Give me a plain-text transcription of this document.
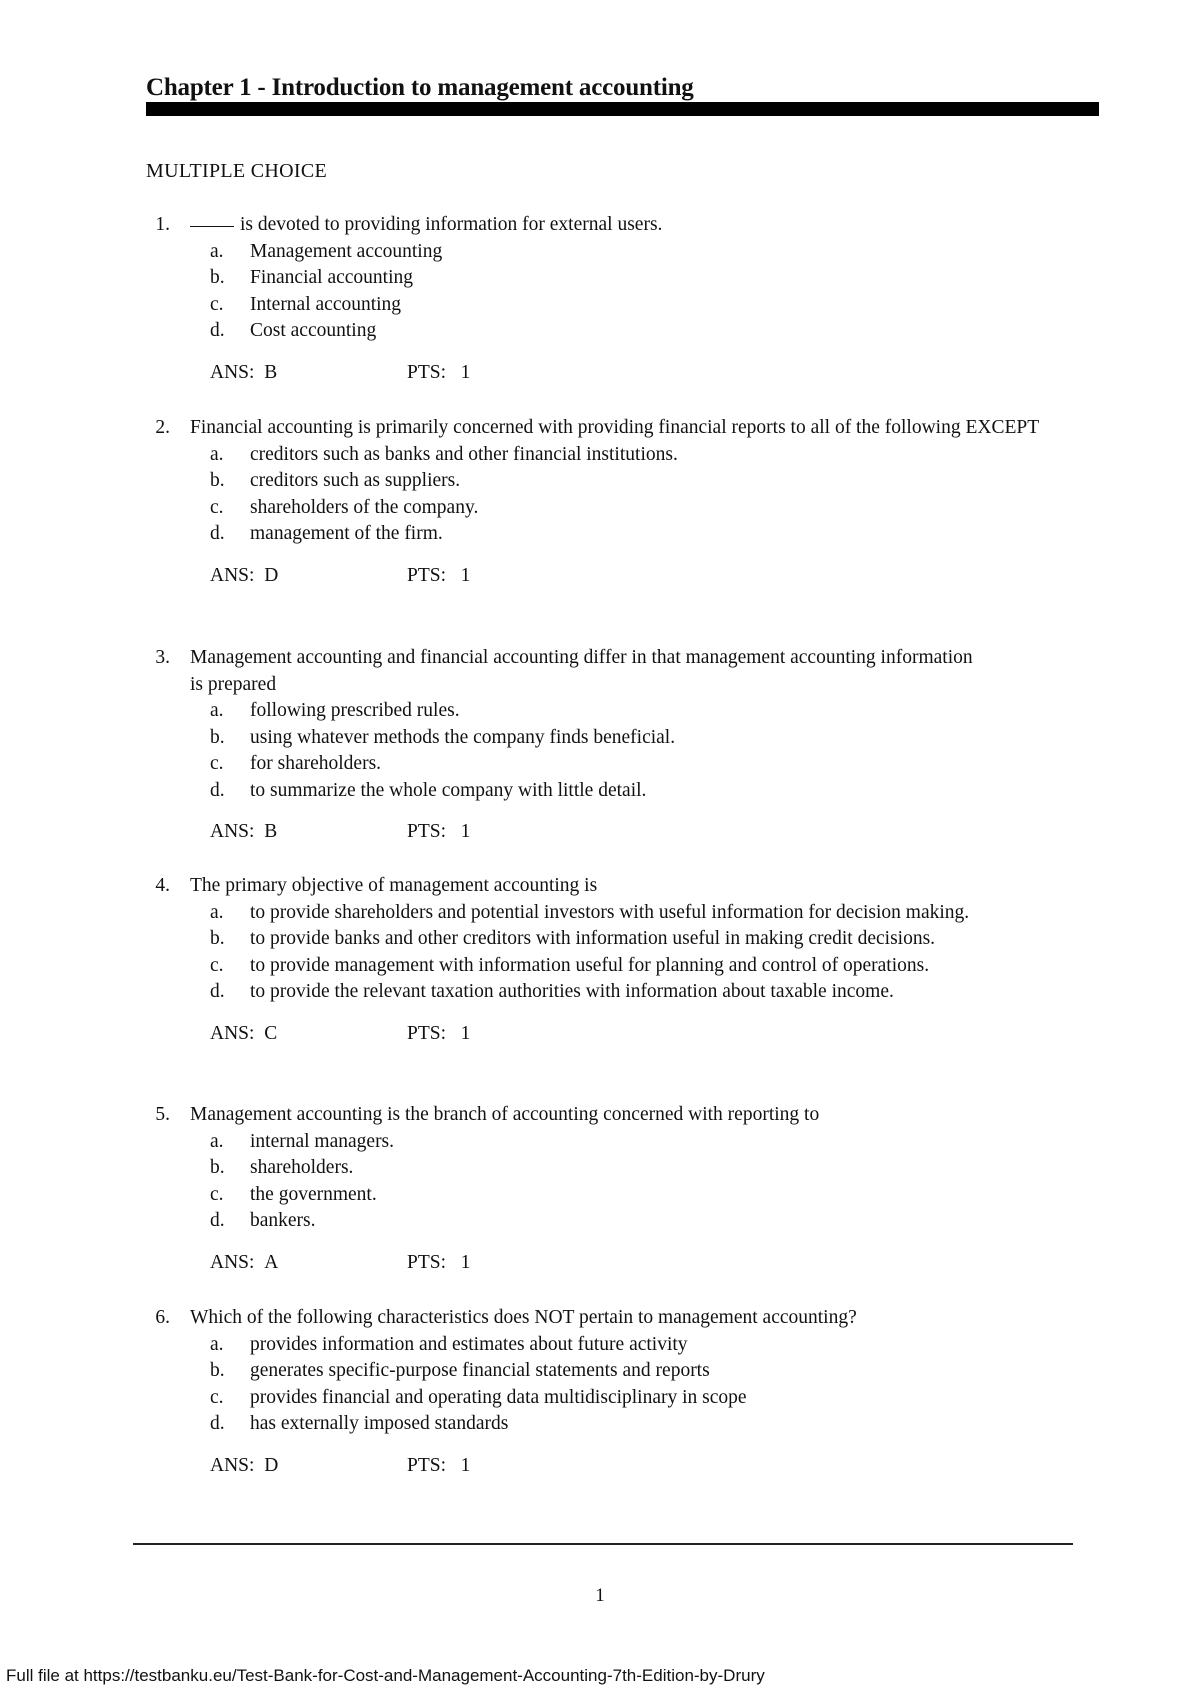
Chapter 1 - Introduction to management accounting
MULTIPLE CHOICE
1.	is devoted to providing information for external users.
a.	Management accounting
b.	Financial accounting
c.	Internal accounting
d.	Cost accounting
ANS: B	PTS: 1
2.	Financial accounting is primarily concerned with providing financial reports to all of the following EXCEPT
a.	creditors such as banks and other financial institutions.
b.	creditors such as suppliers.
c.	shareholders of the company.
d.	management of the firm.
ANS: D	PTS: 1
3.	Management accounting and financial accounting differ in that management accounting information is prepared
a.	following prescribed rules.
b.	using whatever methods the company finds beneficial.
c.	for shareholders.
d.	to summarize the whole company with little detail.
ANS: B	PTS: 1
4.	The primary objective of management accounting is
a.	to provide shareholders and potential investors with useful information for decision making.
b.	to provide banks and other creditors with information useful in making credit decisions.
c.	to provide management with information useful for planning and control of operations.
d.	to provide the relevant taxation authorities with information about taxable income.
ANS: C	PTS: 1
5.	Management accounting is the branch of accounting concerned with reporting to
a.	internal managers.
b.	shareholders.
c.	the government.
d.	bankers.
ANS: A	PTS: 1
6.	Which of the following characteristics does NOT pertain to management accounting?
a.	provides information and estimates about future activity
b.	generates specific-purpose financial statements and reports
c.	provides financial and operating data multidisciplinary in scope
d.	has externally imposed standards
ANS: D	PTS: 1
1
Full file at https://testbanku.eu/Test-Bank-for-Cost-and-Management-Accounting-7th-Edition-by-Drury
